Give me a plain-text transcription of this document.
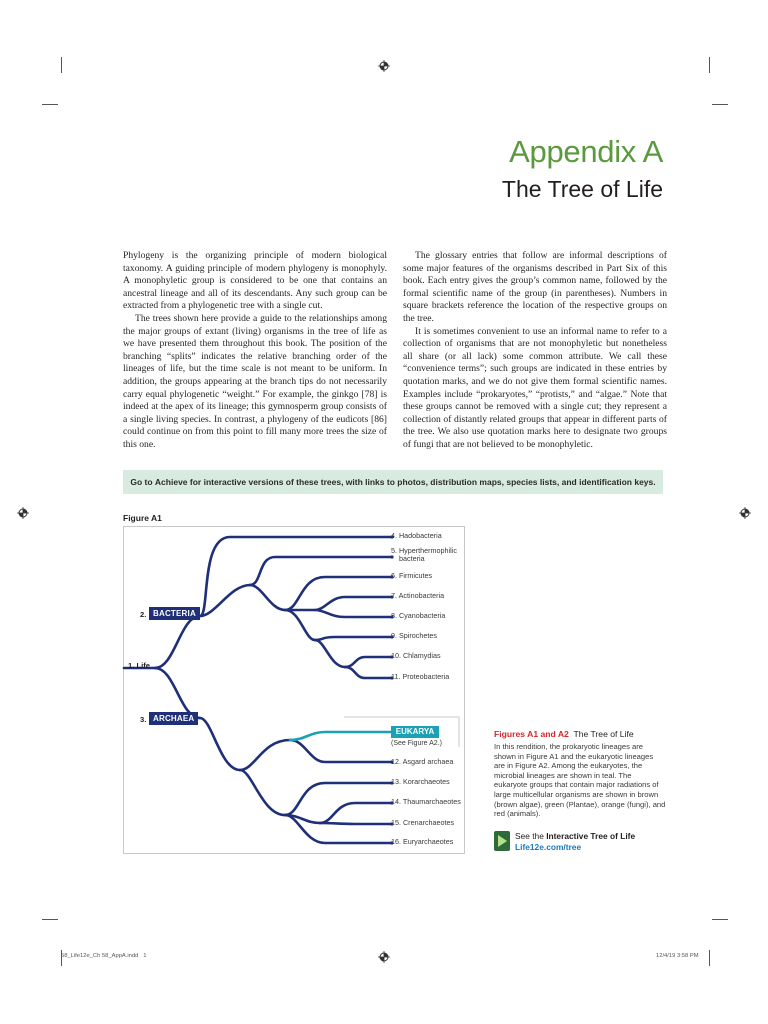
Appendix A
The Tree of Life

Phylogeny is the organizing principle of modern biological taxonomy. A guiding principle of modern phylogeny is monophyly. A monophyletic group is considered to be one that contains an ancestral lineage and all of its descendants. Any such group can be extracted from a phylogenetic tree with a single cut.

The trees shown here provide a guide to the relationships among the major groups of extant (living) organisms in the tree of life as we have presented them throughout this book. The position of the branching “splits” indicates the relative branching order of the lineages of life, but the time scale is not meant to be uniform. In addition, the groups appearing at the branch tips do not necessarily carry equal phylogenetic “weight.” For example, the ginkgo [78] is indeed at the apex of its lineage; this gymnosperm group consists of a single living species. In contrast, a phylogeny of the eudicots [86] could continue on from this point to fill many more trees the size of this one.

The glossary entries that follow are informal descriptions of some major features of the organisms described in Part Six of this book. Each entry gives the group’s common name, followed by the formal scientific name of the group (in parentheses). Numbers in square brackets reference the location of the respective groups on the tree.

It is sometimes convenient to use an informal name to refer to a collection of organisms that are not monophyletic but nonetheless all share (or all lack) some common attribute. We call these “convenience terms”; such groups are indicated in these entries by quotation marks, and we do not give them formal scientific names. Examples include “prokaryotes,” “protists,” and “algae.” Note that these groups cannot be removed with a single cut; they represent a collection of distantly related groups that appear in different parts of the tree. We also use quotation marks here to designate two groups of fungi that are not believed to be monophyletic.

Go to Achieve for interactive versions of these trees, with links to photos, distribution maps, species lists, and identification keys.
Figure A1
4. Hadobacteria
5. Hyperthermophilic
bacteria
6. Firmicutes
7. Actinobacteria
8. Cyanobacteria
9. Spirochetes
10. Chlamydias
11. Proteobacteria
12. Asgard archaea
13. Korarchaeotes
14. Thaumarchaeotes
15. Crenarchaeotes
16. Euryarchaeotes
1. Life
2. BACTERIA
3. ARCHAEA
EUKARYA
(See Figure A2.)
Figures A1 and A2 The Tree of Life
In this rendition, the prokaryotic lineages are shown in Figure A1 and the eukaryotic lineages are in Figure A2. Among the eukaryotes, the microbial lineages are shown in teal. The eukaryote groups that contain major radiations of large multicellular organisms are shown in brown (brown algae), green (Plantae), orange (fungi), and red (animals).
See the Interactive Tree of Life
Life12e.com/tree
58_Life12e_Ch 58_AppA.indd 1	12/4/19 3:58 PM
